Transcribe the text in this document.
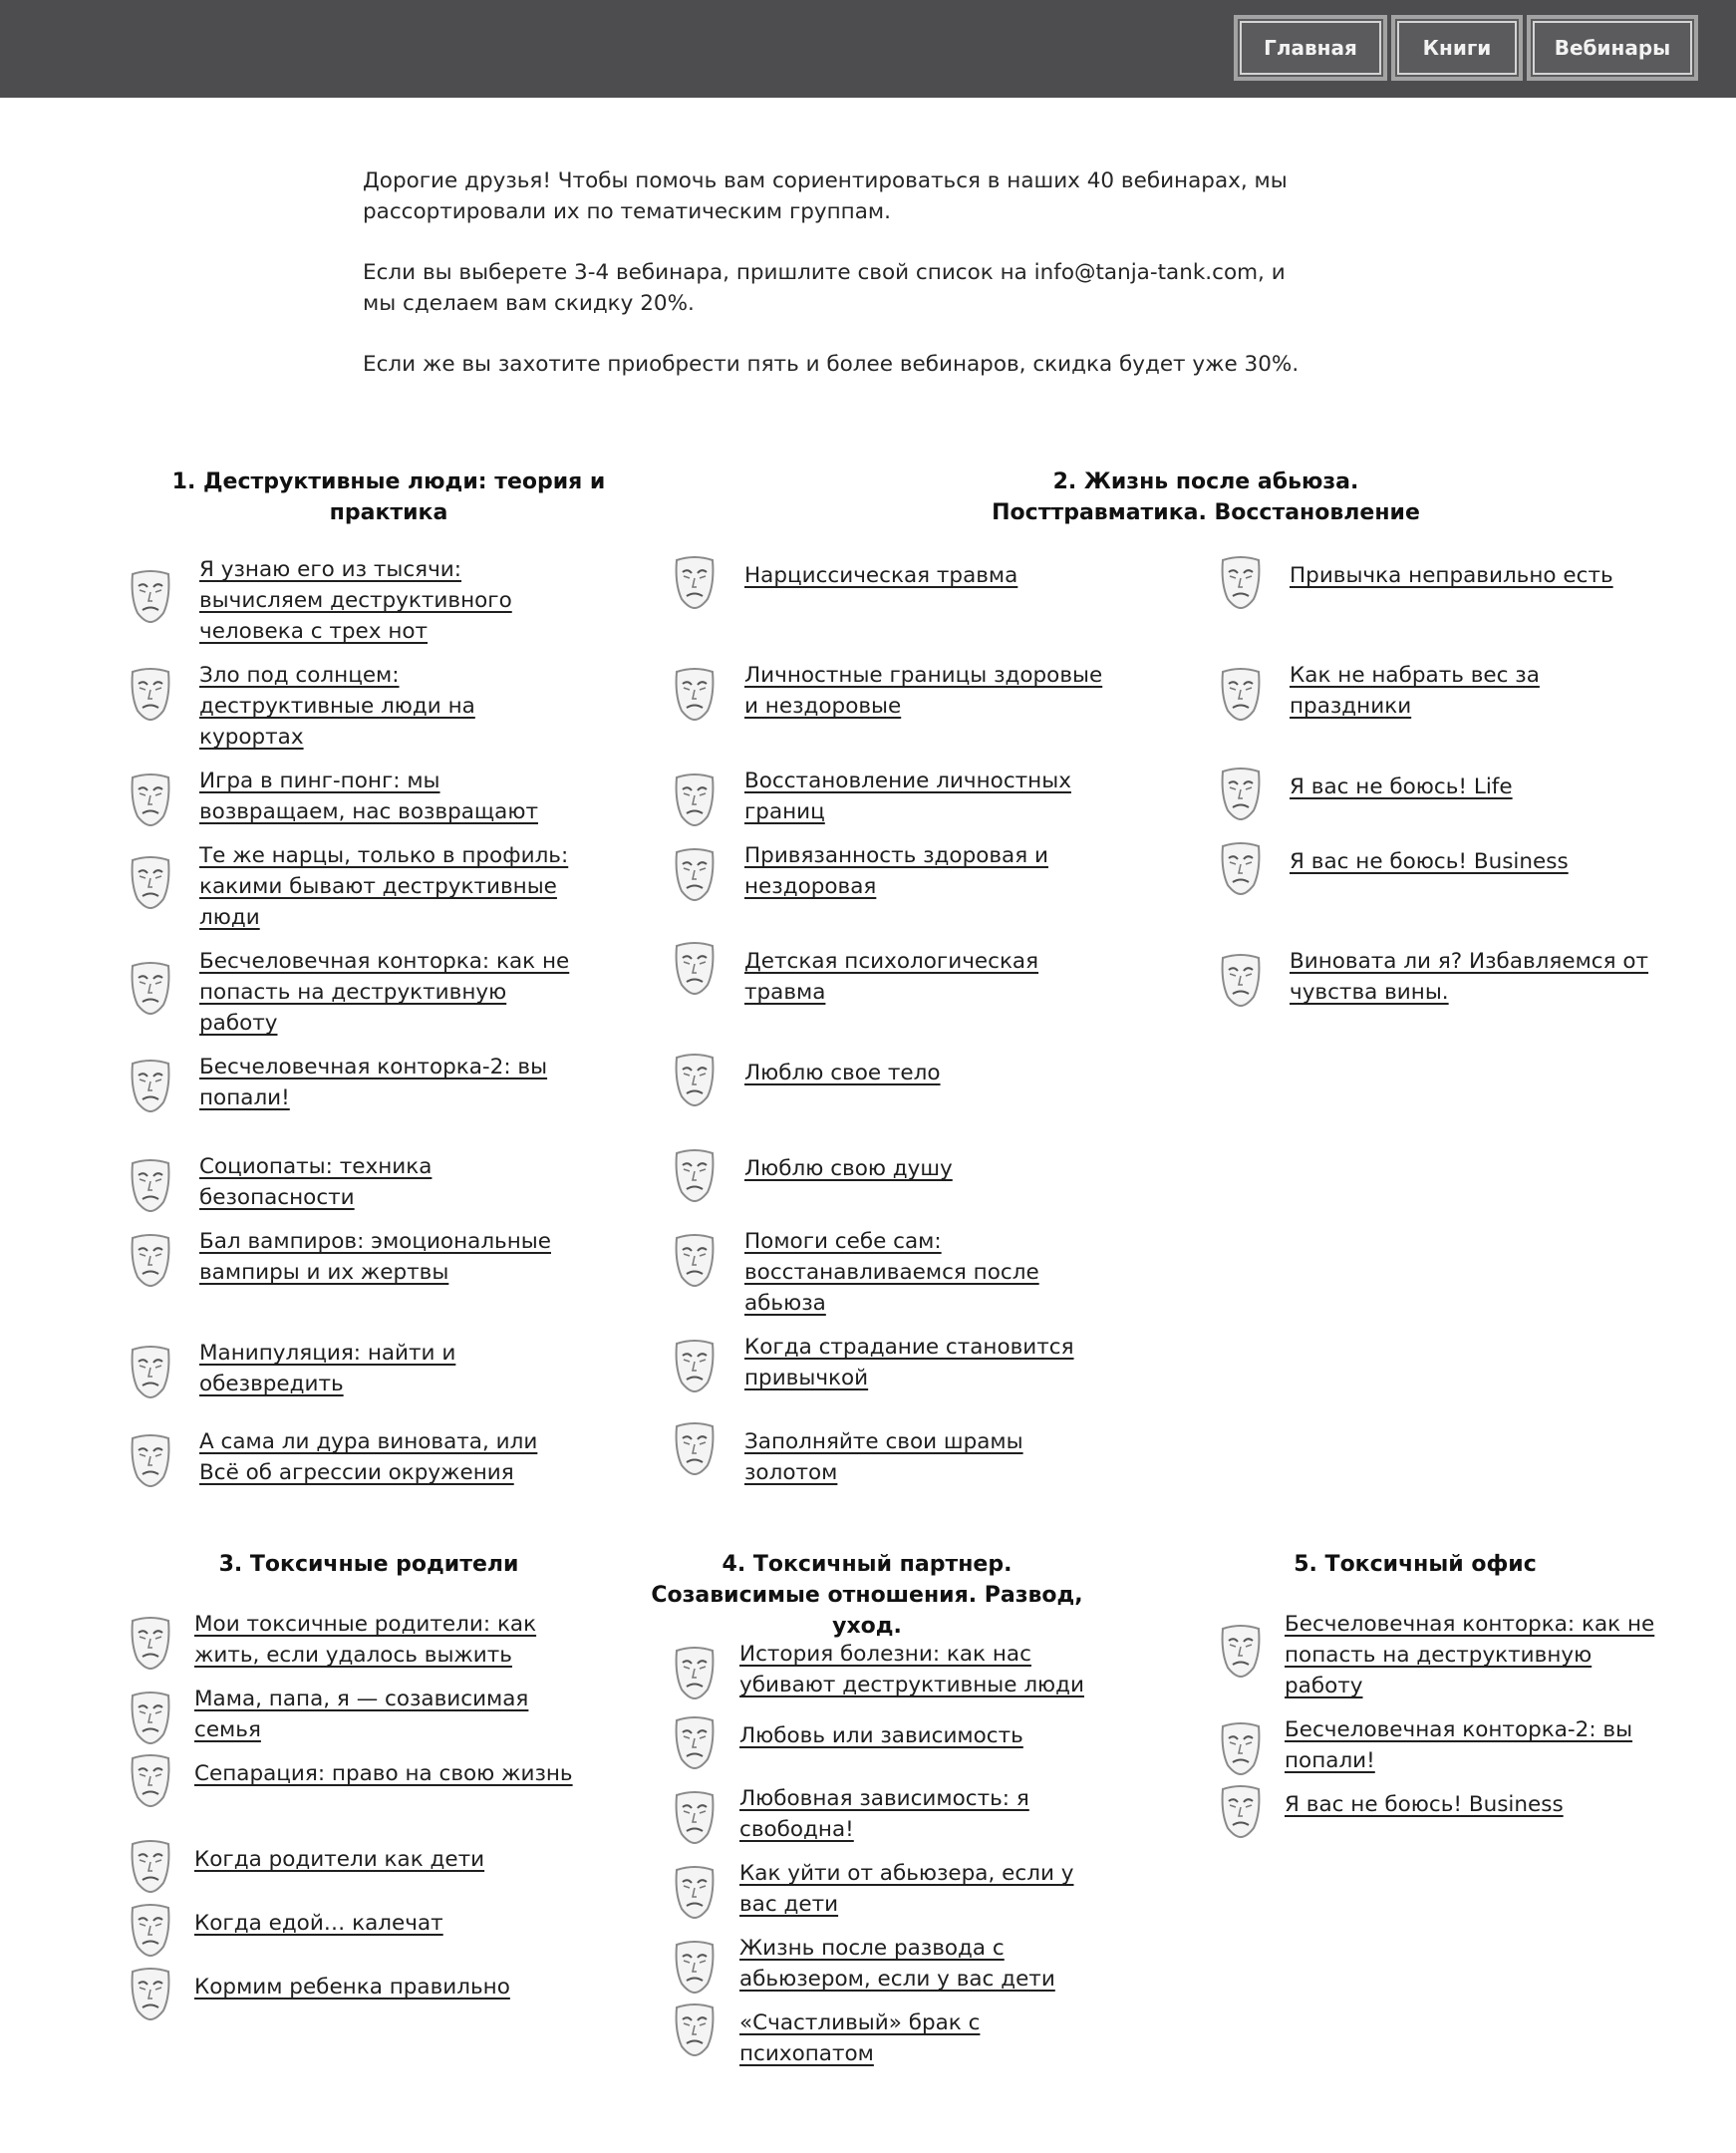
Главная	Книги	Вебинары

Дорогие друзья! Чтобы помочь вам сориентироваться в наших 40 вебинарах, мы рассортировали их по тематическим группам.

Если вы выберете 3-4 вебинара, пришлите свой список на info@tanja-tank.com, и мы сделаем вам скидку 20%.

Если же вы захотите приобрести пять и более вебинаров, скидка будет уже 30%.

1. Деструктивные люди: теория и практика
2. Жизнь после абьюза. Посттравматика. Восстановление
3. Токсичные родители	4. Токсичный партнер. Созависимые отношения. Развод, уход.
5. Токсичный офис
Я узнаю его из тысячи: вычисляем деструктивного человека с трех нот
Зло под солнцем: деструктивные люди на курортах
Игра в пинг-понг: мы возвращаем, нас возвращают
Те же нарцы, только в профиль: какими бывают деструктивные люди
Бесчеловечная конторка: как не попасть на деструктивную работу
Бесчеловечная конторка-2: вы попали!
Социопаты: техника безопасности
Бал вампиров: эмоциональные вампиры и их жертвы
Манипуляция: найти и обезвредить
А сама ли дура виновата, или Всё об агрессии окружения
Нарциссическая травма
Личностные границы здоровые и нездоровые
Восстановление личностных границ
Привязанность здоровая и нездоровая
Детская психологическая травма
Люблю свое тело
Люблю свою душу
Помоги себе сам: восстанавливаемся после абьюза
Когда страдание становится привычкой
Заполняйте свои шрамы золотом
Привычка неправильно есть
Как не набрать вес за праздники
Я вас не боюсь! Life
Я вас не боюсь! Business
Виновата ли я? Избавляемся от чувства вины.
Мои токсичные родители: как жить, если удалось выжить
Мама, папа, я — созависимая семья
Сепарация: право на свою жизнь
Когда родители как дети
Когда едой… калечат
Кормим ребенка правильно
История болезни: как нас убивают деструктивные люди
Любовь или зависимость
Любовная зависимость: я свободна!
Как уйти от абьюзера, если у вас дети
Жизнь после развода с абьюзером, если у вас дети
«Счастливый» брак с психопатом
Бесчеловечная конторка: как не попасть на деструктивную работу
Бесчеловечная конторка-2: вы попали!
Я вас не боюсь! Business
